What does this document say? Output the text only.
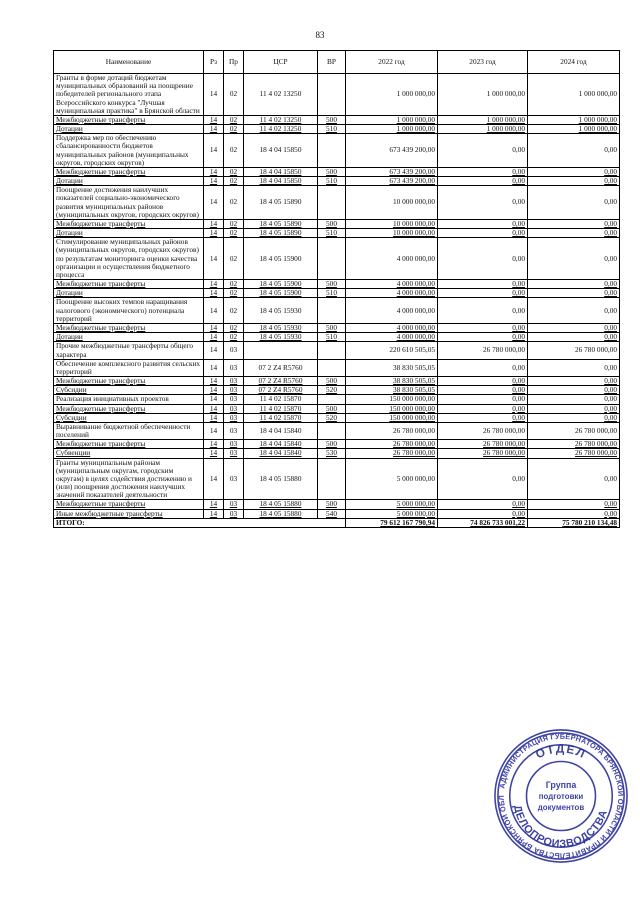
83
Наименование	Рз	Пр	ЦСР	ВР	2022 год	2023 год	2024 год
Гранты в форме дотаций бюджетам муниципальных образований на поощрение победителей регионального этапа Всероссийского конкурса "Лучшая муниципальная практика" в Брянской области	14	02	11 4 02 13250		1 000 000,00	1 000 000,00	1 000 000,00
Межбюджетные трансферты	14	02	11 4 02 13250	500	1 000 000,00	1 000 000,00	1 000 000,00
Дотации	14	02	11 4 02 13250	510	1 000 000,00	1 000 000,00	1 000 000,00
Поддержка мер по обеспечению сбалансированности бюджетов муниципальных районов (муниципальных округов, городских округов)	14	02	18 4 04 15850		673 439 200,00	0,00	0,00
Межбюджетные трансферты	14	02	18 4 04 15850	500	673 439 200,00	0,00	0,00
Дотации	14	02	18 4 04 15850	510	673 439 200,00	0,00	0,00
Поощрение достижения наилучших показателей социально-экономического развития муниципальных районов (муниципальных округов, городских округов)	14	02	18 4 05 15890		10 000 000,00	0,00	0,00
Межбюджетные трансферты	14	02	18 4 05 15890	500	10 000 000,00	0,00	0,00
Дотации	14	02	18 4 05 15890	510	10 000 000,00	0,00	0,00
Стимулирование муниципальных районов (муниципальных округов, городских округов) по результатам мониторинга оценки качества организации и осуществления бюджетного процесса	14	02	18 4 05 15900		4 000 000,00	0,00	0,00
Межбюджетные трансферты	14	02	18 4 05 15900	500	4 000 000,00	0,00	0,00
Дотации	14	02	18 4 05 15900	510	4 000 000,00	0,00	0,00
Поощрение высоких темпов наращивания налогового (экономического) потенциала территорий	14	02	18 4 05 15930		4 000 000,00	0,00	0,00
Межбюджетные трансферты	14	02	18 4 05 15930	500	4 000 000,00	0,00	0,00
Дотации	14	02	18 4 05 15930	510	4 000 000,00	0,00	0,00
Прочие межбюджетные трансферты общего характера	14	03			220 610 505,05	26 780 000,00	26 780 000,00
Обеспечение комплексного развития сельских территорий	14	03	07 2 Z4 R5760		38 830 505,05	0,00	0,00
Межбюджетные трансферты	14	03	07 2 Z4 R5760	500	38 830 505,05	0,00	0,00
Субсидии	14	03	07 2 Z4 R5760	520	38 830 505,05	0,00	0,00
Реализация инициативных проектов	14	03	11 4 02 15870		150 000 000,00	0,00	0,00
Межбюджетные трансферты	14	03	11 4 02 15870	500	150 000 000,00	0,00	0,00
Субсидии	14	03	11 4 02 15870	520	150 000 000,00	0,00	0,00
Выравнивание бюджетной обеспеченности поселений	14	03	18 4 04 15840		26 780 000,00	26 780 000,00	26 780 000,00
Межбюджетные трансферты	14	03	18 4 04 15840	500	26 780 000,00	26 780 000,00	26 780 000,00
Субвенции	14	03	18 4 04 15840	530	26 780 000,00	26 780 000,00	26 780 000,00
Гранты муниципальным районам (муниципальным округам, городским округам) в целях содействия достижению и (или) поощрения достижения наилучших значений показателей деятельности	14	03	18 4 05 15880		5 000 000,00	0,00	0,00
Межбюджетные трансферты	14	03	18 4 05 15880	500	5 000 000,00	0,00	0,00
Иные межбюджетные трансферты	14	03	18 4 05 15880	540	5 000 000,00	0,00	0,00
ИТОГО:					79 612 167 790,94	74 826 733 001,22	75 780 210 134,48
АДМИНИСТРАЦИЯ ГУБЕРНАТОРА БРЯНСКОЙ ОБЛАСТИ И ПРАВИТЕЛЬСТВА БРЯНСКОЙ ОБЛ
ОТДЕЛ
ДЕЛОПРОИЗВОДСТВА
Группа
подготовки
документов
